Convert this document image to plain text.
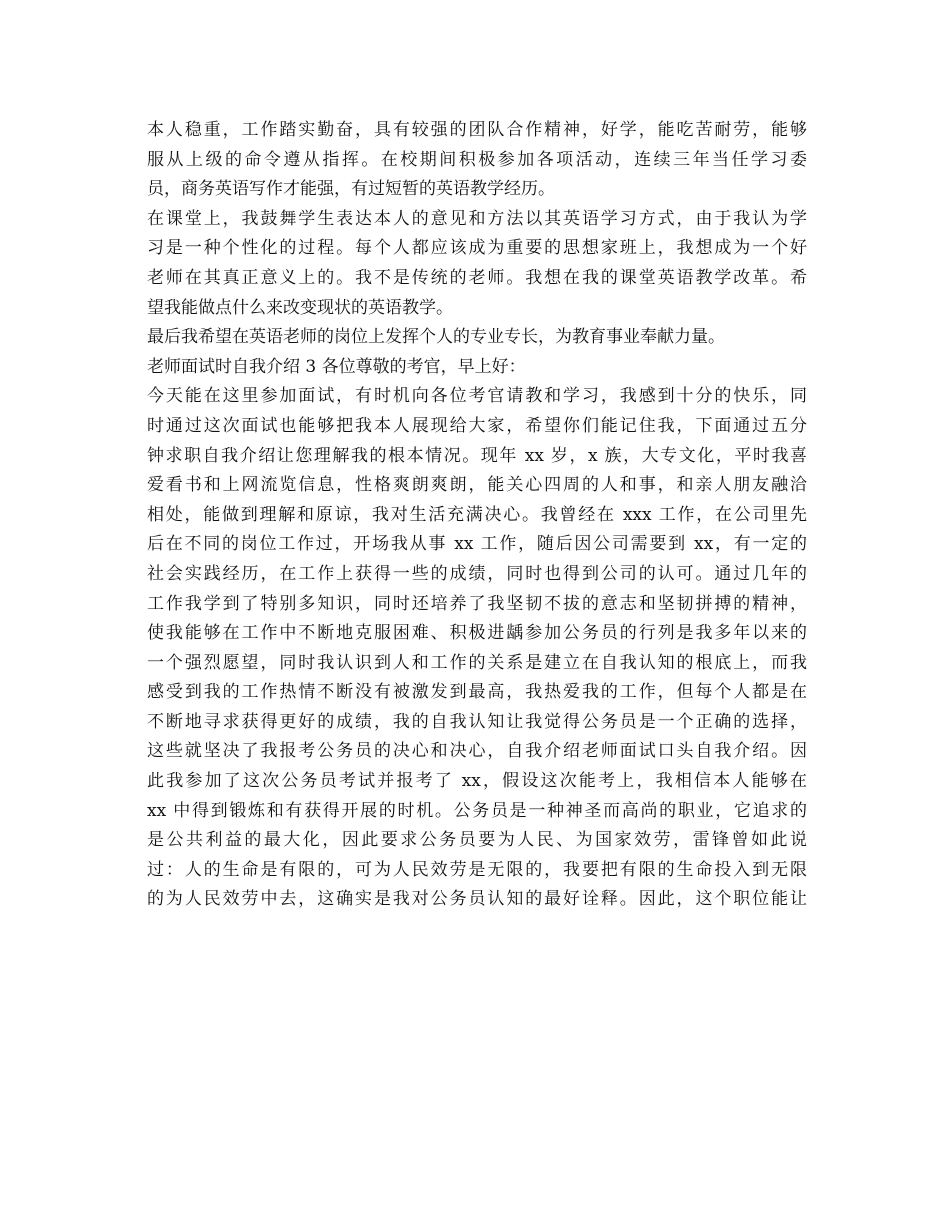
本人稳重，工作踏实勤奋，具有较强的团队合作精神，好学，能吃苦耐劳，能够
服从上级的命令遵从指挥。在校期间积极参加各项活动，连续三年当任学习委
员，商务英语写作才能强，有过短暂的英语教学经历。
在课堂上，我鼓舞学生表达本人的意见和方法以其英语学习方式，由于我认为学
习是一种个性化的过程。每个人都应该成为重要的思想家班上，我想成为一个好
老师在其真正意义上的。我不是传统的老师。我想在我的课堂英语教学改革。希
望我能做点什么来改变现状的英语教学。
最后我希望在英语老师的岗位上发挥个人的专业专长，为教育事业奉献力量。
老师面试时自我介绍 3 各位尊敬的考官，早上好：
今天能在这里参加面试，有时机向各位考官请教和学习，我感到十分的快乐，同
时通过这次面试也能够把我本人展现给大家，希望你们能记住我，下面通过五分
钟求职自我介绍让您理解我的根本情况。现年 xx 岁，x 族，大专文化，平时我喜
爱看书和上网流览信息，性格爽朗爽朗，能关心四周的人和事，和亲人朋友融洽
相处，能做到理解和原谅，我对生活充满决心。我曾经在 xxx 工作，在公司里先
后在不同的岗位工作过，开场我从事 xx 工作，随后因公司需要到 xx，有一定的
社会实践经历，在工作上获得一些的成绩，同时也得到公司的认可。通过几年的
工作我学到了特别多知识，同时还培养了我坚韧不拔的意志和坚韧拼搏的精神，
使我能够在工作中不断地克服困难、积极进龋参加公务员的行列是我多年以来的
一个强烈愿望，同时我认识到人和工作的关系是建立在自我认知的根底上，而我
感受到我的工作热情不断没有被激发到最高，我热爱我的工作，但每个人都是在
不断地寻求获得更好的成绩，我的自我认知让我觉得公务员是一个正确的选择，
这些就坚决了我报考公务员的决心和决心，自我介绍老师面试口头自我介绍。因
此我参加了这次公务员考试并报考了 xx，假设这次能考上，我相信本人能够在
xx 中得到锻炼和有获得开展的时机。公务员是一种神圣而高尚的职业，它追求的
是公共利益的最大化，因此要求公务员要为人民、为国家效劳，雷锋曾如此说
过：人的生命是有限的，可为人民效劳是无限的，我要把有限的生命投入到无限
的为人民效劳中去，这确实是我对公务员认知的最好诠释。因此，这个职位能让
